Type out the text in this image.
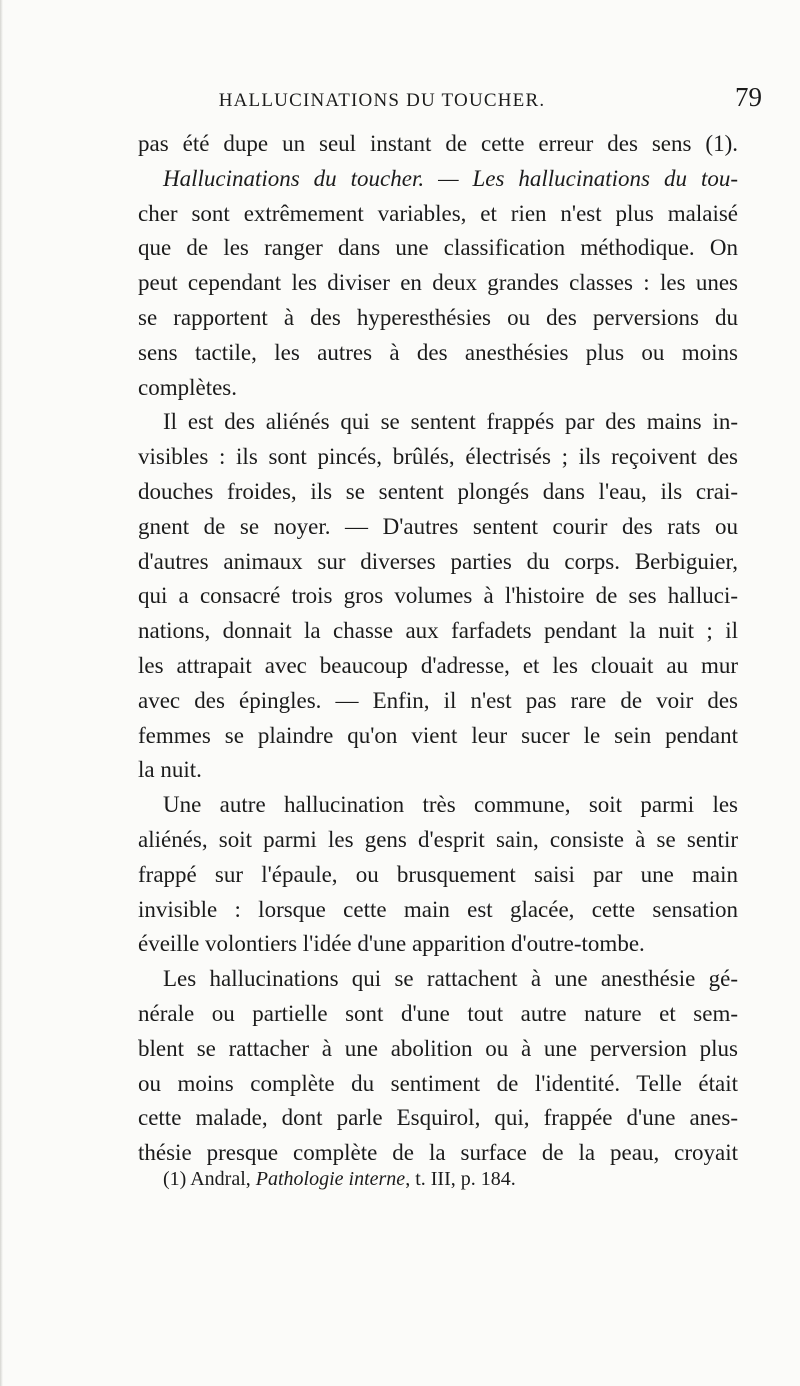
HALLUCINATIONS DU TOUCHER.	79
pas été dupe un seul instant de cette erreur des sens (1).
Hallucinations du toucher. — Les hallucinations du tou-
cher sont extrêmement variables, et rien n'est plus malaisé
que de les ranger dans une classification méthodique. On
peut cependant les diviser en deux grandes classes : les unes
se rapportent à des hyperesthésies ou des perversions du
sens tactile, les autres à des anesthésies plus ou moins
complètes.
Il est des aliénés qui se sentent frappés par des mains in-
visibles : ils sont pincés, brûlés, électrisés ; ils reçoivent des
douches froides, ils se sentent plongés dans l'eau, ils crai-
gnent de se noyer. — D'autres sentent courir des rats ou
d'autres animaux sur diverses parties du corps. Berbiguier,
qui a consacré trois gros volumes à l'histoire de ses halluci-
nations, donnait la chasse aux farfadets pendant la nuit ; il
les attrapait avec beaucoup d'adresse, et les clouait au mur
avec des épingles. — Enfin, il n'est pas rare de voir des
femmes se plaindre qu'on vient leur sucer le sein pendant
la nuit.
Une autre hallucination très commune, soit parmi les
aliénés, soit parmi les gens d'esprit sain, consiste à se sentir
frappé sur l'épaule, ou brusquement saisi par une main
invisible : lorsque cette main est glacée, cette sensation
éveille volontiers l'idée d'une apparition d'outre-tombe.
Les hallucinations qui se rattachent à une anesthésie gé-
nérale ou partielle sont d'une tout autre nature et sem-
blent se rattacher à une abolition ou à une perversion plus
ou moins complète du sentiment de l'identité. Telle était
cette malade, dont parle Esquirol, qui, frappée d'une anes-
thésie presque complète de la surface de la peau, croyait
(1) Andral, Pathologie interne, t. III, p. 184.
